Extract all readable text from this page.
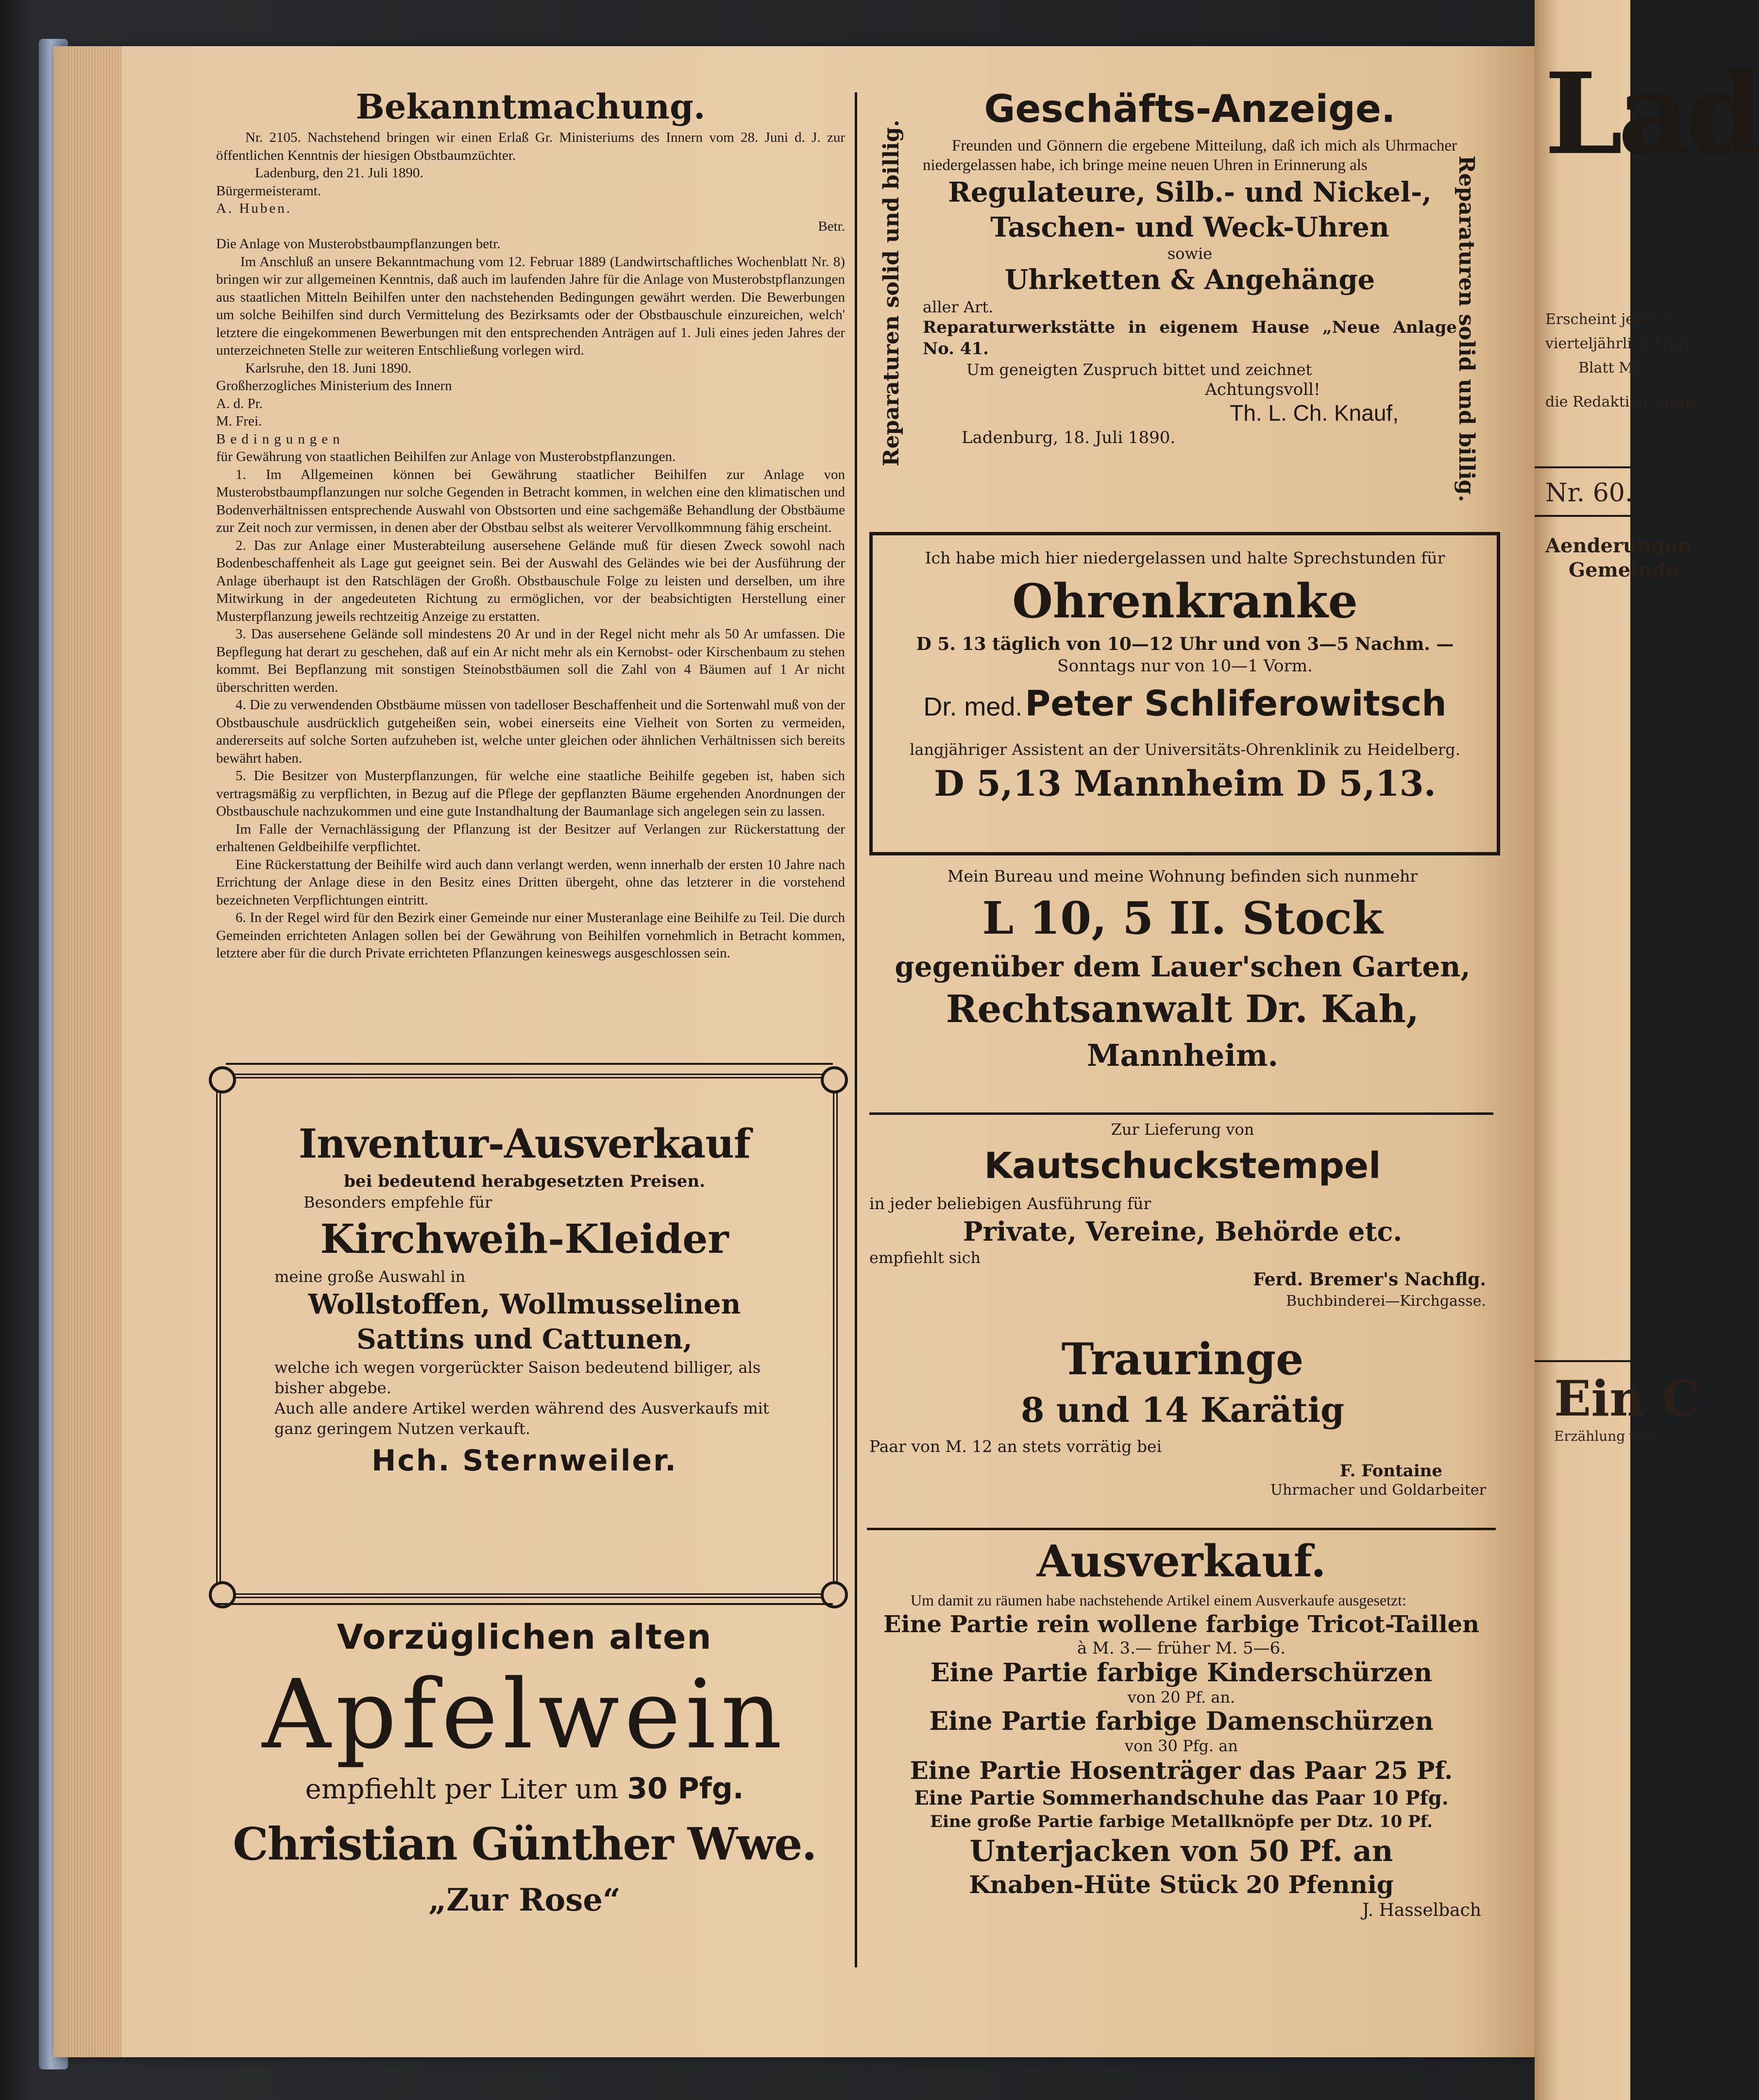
Bekanntmachung.
Nr. 2105. Nachstehend bringen wir einen Erlaß Gr. Ministeriums des Innern vom 28. Juni d. J. zur öffentlichen Kenntnis der hiesigen Obstbaumzüchter.
Ladenburg, den 21. Juli 1890.
Bürgermeisteramt.
A. Huben.
Betr.
Die Anlage von Musterobstbaumpflanzungen betr.
Im Anschluß an unsere Bekanntmachung vom 12. Februar 1889 (Landwirtschaftliches Wochenblatt Nr. 8) bringen wir zur allgemeinen Kenntnis, daß auch im laufenden Jahre für die Anlage von Musterobstpflanzungen aus staatlichen Mitteln Beihilfen unter den nachstehenden Bedingungen gewährt werden. Die Bewerbungen um solche Beihilfen sind durch Vermittelung des Bezirksamts oder der Obstbauschule einzureichen, welch' letztere die eingekommenen Bewerbungen mit den entsprechenden Anträgen auf 1. Juli eines jeden Jahres der unterzeichneten Stelle zur weiteren Entschließung vorlegen wird.
Karlsruhe, den 18. Juni 1890.
Großherzogliches Ministerium des Innern
A. d. Pr.
M. Frei.
Bedingungen
für Gewährung von staatlichen Beihilfen zur Anlage von Musterobstpflanzungen.
1. Im Allgemeinen können bei Gewährung staatlicher Beihilfen zur Anlage von Musterobstbaumpflanzungen nur solche Gegenden in Betracht kommen, in welchen eine den klimatischen und Bodenverhältnissen entsprechende Auswahl von Obstsorten und eine sachgemäße Behandlung der Obstbäume zur Zeit noch zur vermissen, in denen aber der Obstbau selbst als weiterer Vervollkommnung fähig erscheint.
2. Das zur Anlage einer Musterabteilung ausersehene Gelände muß für diesen Zweck sowohl nach Bodenbeschaffenheit als Lage gut geeignet sein. Bei der Auswahl des Geländes wie bei der Ausführung der Anlage überhaupt ist den Ratschlägen der Großh. Obstbauschule Folge zu leisten und derselben, um ihre Mitwirkung in der angedeuteten Richtung zu ermöglichen, vor der beabsichtigten Herstellung einer Musterpflanzung jeweils rechtzeitig Anzeige zu erstatten.
3. Das ausersehene Gelände soll mindestens 20 Ar und in der Regel nicht mehr als 50 Ar umfassen. Die Bepflegung hat derart zu geschehen, daß auf ein Ar nicht mehr als ein Kernobst- oder Kirschenbaum zu stehen kommt. Bei Bepflanzung mit sonstigen Steinobstbäumen soll die Zahl von 4 Bäumen auf 1 Ar nicht überschritten werden.
4. Die zu verwendenden Obstbäume müssen von tadelloser Beschaffenheit und die Sortenwahl muß von der Obstbauschule ausdrücklich gutgeheißen sein, wobei einerseits eine Vielheit von Sorten zu vermeiden, andererseits auf solche Sorten aufzuheben ist, welche unter gleichen oder ähnlichen Verhältnissen sich bereits bewährt haben.
5. Die Besitzer von Musterpflanzungen, für welche eine staatliche Beihilfe gegeben ist, haben sich vertragsmäßig zu verpflichten, in Bezug auf die Pflege der gepflanzten Bäume ergehenden Anordnungen der Obstbauschule nachzukommen und eine gute Instandhaltung der Baumanlage sich angelegen sein zu lassen.
Im Falle der Vernachlässigung der Pflanzung ist der Besitzer auf Verlangen zur Rückerstattung der erhaltenen Geldbeihilfe verpflichtet.
Eine Rückerstattung der Beihilfe wird auch dann verlangt werden, wenn innerhalb der ersten 10 Jahre nach Errichtung der Anlage diese in den Besitz eines Dritten übergeht, ohne das letzterer in die vorstehend bezeichneten Verpflichtungen eintritt.
6. In der Regel wird für den Bezirk einer Gemeinde nur einer Musteranlage eine Beihilfe zu Teil. Die durch Gemeinden errichteten Anlagen sollen bei der Gewährung von Beihilfen vornehmlich in Betracht kommen, letztere aber für die durch Private errichteten Pflanzungen keineswegs ausgeschlossen sein.
Inventur-Ausverkauf
bei bedeutend herabgesetzten Preisen.
Besonders empfehle für
Kirchweih-Kleider
meine große Auswahl in
Wollstoffen, Wollmusselinen
Sattins und Cattunen,
welche ich wegen vorgerückter Saison bedeutend billiger, als bisher abgebe.
Auch alle andere Artikel werden während des Ausverkaufs mit ganz geringem Nutzen verkauft.
Hch. Sternweiler.
Vorzüglichen alten
Apfelwein
empfiehlt per Liter um 30 Pfg.
Christian Günther Wwe.
„Zur Rose“
Reparaturen solid und billig.	Reparaturen solid und billig.
Geschäfts-Anzeige.
Freunden und Gönnern die ergebene Mitteilung, daß ich mich als Uhrmacher niedergelassen habe, ich bringe meine neuen Uhren in Erinnerung als
Regulateure, Silb.- und Nickel-,
Taschen- und Weck-Uhren
sowie
Uhrketten & Angehänge
aller Art.
Reparaturwerkstätte in eigenem Hause „Neue Anlage No. 41.
Um geneigten Zuspruch bittet und zeichnet
Achtungsvoll!
Th. L. Ch. Knauf,
Ladenburg, 18. Juli 1890.
Ich habe mich hier niedergelassen und halte Sprechstunden für
Ohrenkranke
D 5. 13 täglich von 10—12 Uhr und von 3—5 Nachm. —
Sonntags nur von 10—1 Vorm.
Dr. med. Peter Schliferowitsch
langjähriger Assistent an der Universitäts-Ohrenklinik zu Heidelberg.
D 5,13 Mannheim D 5,13.
Mein Bureau und meine Wohnung befinden sich nunmehr
L 10, 5 II. Stock
gegenüber dem Lauer'schen Garten,
Rechtsanwalt Dr. Kah,
Mannheim.
Zur Lieferung von
Kautschuckstempel
in jeder beliebigen Ausführung für
Private, Vereine, Behörde etc.
empfiehlt sich
Ferd. Bremer's Nachflg.
Buchbinderei—Kirchgasse.
Trauringe
8 und 14 Karätig
Paar von M. 12 an stets vorrätig bei
F. Fontaine
Uhrmacher und Goldarbeiter
Ausverkauf.
Um damit zu räumen habe nachstehende Artikel einem Ausverkaufe ausgesetzt:
Eine Partie rein wollene farbige Tricot-Taillen
à M. 3.— früher M. 5—6.
Eine Partie farbige Kinderschürzen
von 20 Pf. an.
Eine Partie farbige Damenschürzen
von 30 Pfg. an
Eine Partie Hosenträger das Paar 25 Pf.
Eine Partie Sommerhandschuhe das Paar 10 Pfg.
Eine große Partie farbige Metallknöpfe per Dtz. 10 Pf.
Unterjacken von 50 Pf. an
Knaben-Hüte Stück 20 Pfennig
J. Hasselbach
Lad
Erscheint jeden D
vierteljährlich Mark
Blatt Mk.
die Redaktion veranl
Nr. 60.
Aenderungen
Gemeinde
Ein C
Erzählung von
